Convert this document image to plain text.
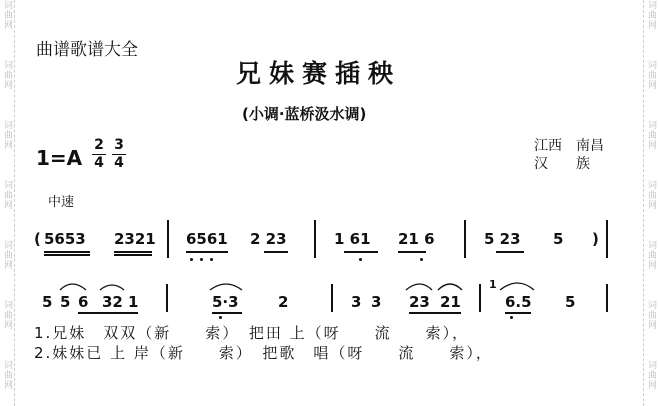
词曲网
词曲网
词曲网
词曲网
词曲网
词曲网
词曲网
词曲网
词曲网
词曲网
词曲网
词曲网
词曲网
词曲网
曲谱歌谱大全
兄妹赛插秧
(小调·蓝桥汲水调)
$1=A \frac{2}{4} \frac{3}{4}$	江西　南昌
汉　　族
中速
( 5653 2321 6561 2 23	1 61 21 6	5 23 5 )
5 5 6 32 1	5·3	2	3 3 23 21
1
6.5 5
1.兄妹　双双（新　　索）　把田 上（呀　　流　　索），
2.妹妹已 上 岸（新　　索）　把歌　唱（呀　　流　　索），
